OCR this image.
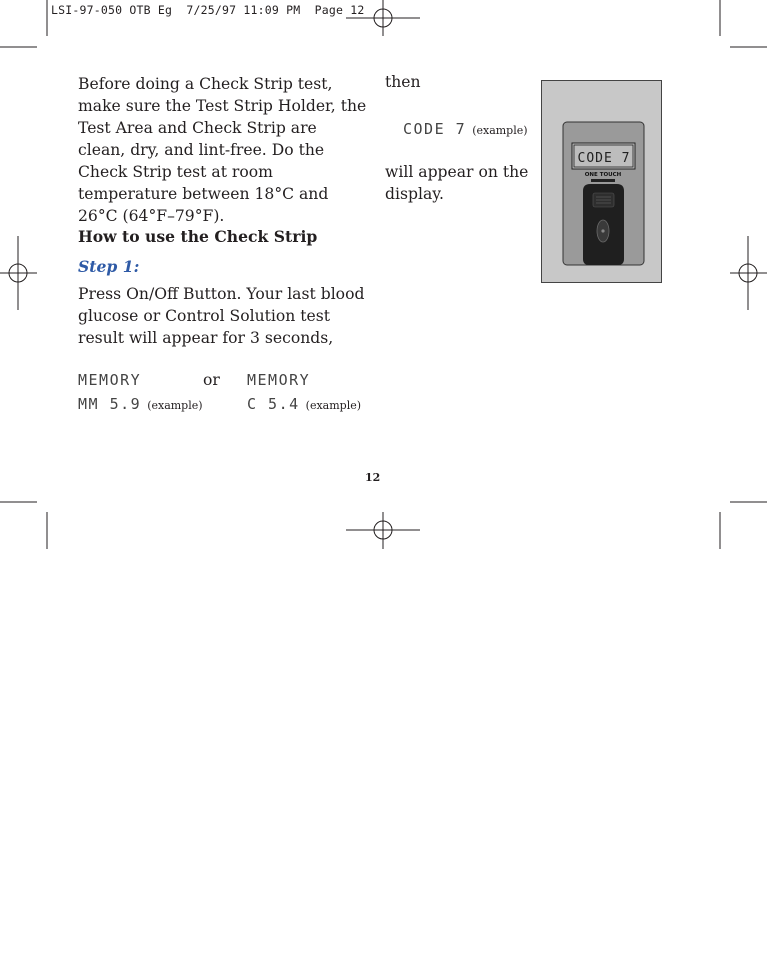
LSI-97-050 OTB Eg  7/25/97 11:09 PM  Page 12
Before doing a Check Strip test, make sure the Test Strip Holder, the Test Area and Check Strip are clean, dry, and lint-free. Do the Check Strip test at room temperature between 18°C and 26°C (64°F–79°F).
How to use the Check Strip
Step 1:
Press On/Off Button. Your last blood glucose or Control Solution test result will appear for 3 seconds,
MEMORY
MM 5.9 (example)
or MEMORY
C 5.4 (example)
then
CODE 7 (example)
will appear on the display.
CODE 7
ONE TOUCH
12
